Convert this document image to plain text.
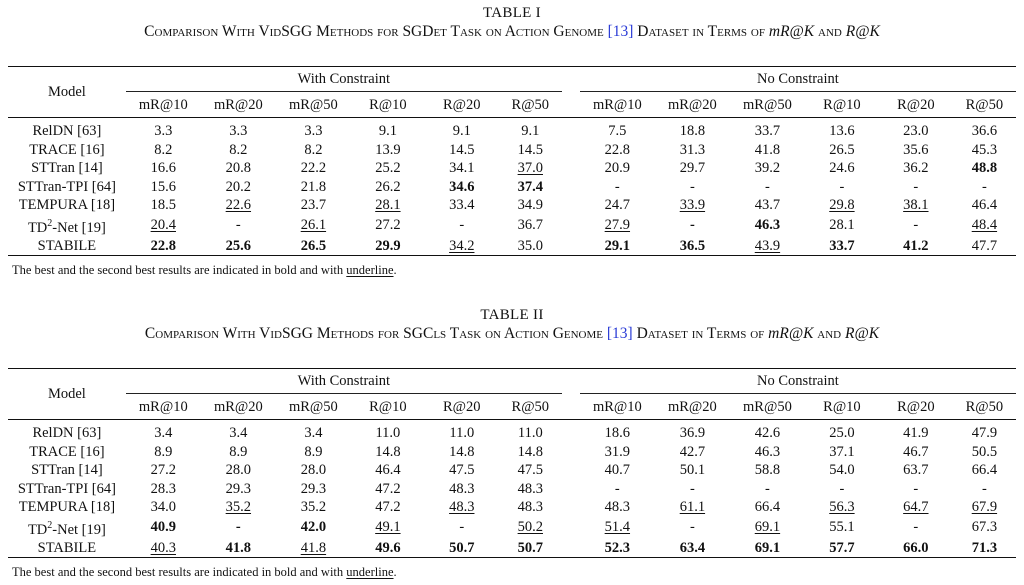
TABLE I
Comparison With VidSGG Methods for SGDet Task on Action Genome [13] Dataset in Terms of mR@K and R@K
Model	With Constraint							No Constraint					
	mR@10	mR@20	mR@50	R@10	R@20	R@50		mR@10	mR@20	mR@50	R@10	R@20	R@50
RelDN [63]	3.3	3.3	3.3	9.1	9.1	9.1		7.5	18.8	33.7	13.6	23.0	36.6
TRACE [16]	8.2	8.2	8.2	13.9	14.5	14.5		22.8	31.3	41.8	26.5	35.6	45.3
STTran [14]	16.6	20.8	22.2	25.2	34.1	37.0		20.9	29.7	39.2	24.6	36.2	48.8
STTran-TPI [64]	15.6	20.2	21.8	26.2	34.6	37.4		-	-	-	-	-	-
TEMPURA [18]	18.5	22.6	23.7	28.1	33.4	34.9		24.7	33.9	43.7	29.8	38.1	46.4
$TD^2$-Net [19]	20.4	-	26.1	27.2	-	36.7		27.9	-	46.3	28.1	-	48.4
STABILE	22.8	25.6	26.5	29.9	34.2	35.0		29.1	36.5	43.9	33.7	41.2	47.7
The best and the second best results are indicated in bold and with underline.
TABLE II
Comparison With VidSGG Methods for SGCls Task on Action Genome [13] Dataset in Terms of mR@K and R@K
Model	With Constraint							No Constraint					
	mR@10	mR@20	mR@50	R@10	R@20	R@50		mR@10	mR@20	mR@50	R@10	R@20	R@50
RelDN [63]	3.4	3.4	3.4	11.0	11.0	11.0		18.6	36.9	42.6	25.0	41.9	47.9
TRACE [16]	8.9	8.9	8.9	14.8	14.8	14.8		31.9	42.7	46.3	37.1	46.7	50.5
STTran [14]	27.2	28.0	28.0	46.4	47.5	47.5		40.7	50.1	58.8	54.0	63.7	66.4
STTran-TPI [64]	28.3	29.3	29.3	47.2	48.3	48.3		-	-	-	-	-	-
TEMPURA [18]	34.0	35.2	35.2	47.2	48.3	48.3		48.3	61.1	66.4	56.3	64.7	67.9
$TD^2$-Net [19]	40.9	-	42.0	49.1	-	50.2		51.4	-	69.1	55.1	-	67.3
STABILE	40.3	41.8	41.8	49.6	50.7	50.7		52.3	63.4	69.1	57.7	66.0	71.3
The best and the second best results are indicated in bold and with underline.
